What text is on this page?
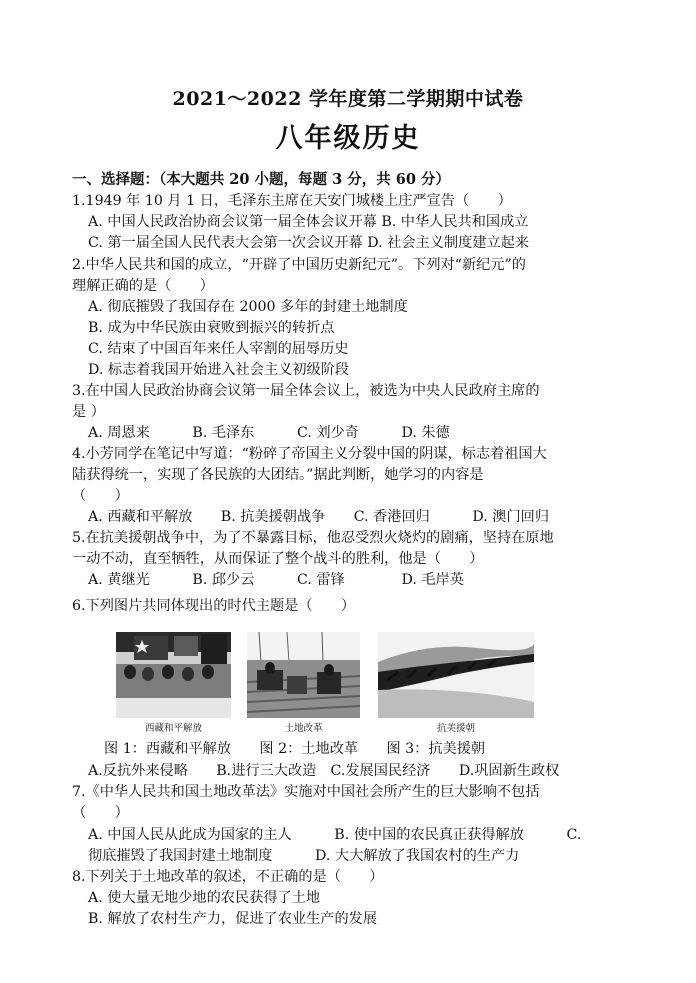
2021～2022 学年度第二学期期中试卷
八年级历史
一、选择题：（本大题共 20 小题，每题 3 分，共 60 分）
1.1949 年 10 月 1 日，毛泽东主席在天安门城楼上庄严宣告（　　）
A. 中国人民政治协商会议第一届全体会议开幕 B. 中华人民共和国成立
C. 第一届全国人民代表大会第一次会议开幕 D. 社会主义制度建立起来
2.中华人民共和国的成立，“开辟了中国历史新纪元”。下列对“新纪元”的
理解正确的是（　　）
A. 彻底摧毁了我国存在 2000 多年的封建土地制度
B. 成为中华民族由衰败到振兴的转折点
C. 结束了中国百年来任人宰割的屈辱历史
D. 标志着我国开始进入社会主义初级阶段
3.在中国人民政治协商会议第一届全体会议上，被选为中央人民政府主席的
是 ）
A. 周恩来　　　B. 毛泽东　　　C. 刘少奇　　　D. 朱德
4.小芳同学在笔记中写道：“粉碎了帝国主义分裂中国的阴谋，标志着祖国大
陆获得统一，实现了各民族的大团结。”据此判断，她学习的内容是
（　　）
A. 西藏和平解放　　B. 抗美援朝战争　　C. 香港回归　　　D. 澳门回归
5.在抗美援朝战争中，为了不暴露目标，他忍受烈火烧灼的剧痛，坚持在原地
一动不动，直至牺牲，从而保证了整个战斗的胜利，他是（　　）
A. 黄继光　　　B. 邱少云　　　C. 雷锋　　　　D. 毛岸英
6.下列图片共同体现出的时代主题是（　　）
西藏和平解放	土地改革	抗美援朝
图 1：西藏和平解放　　图 2：土地改革　　图 3：抗美援朝
A.反抗外来侵略　　B.进行三大改造　C.发展国民经济　　D.巩固新生政权
7.《中华人民共和国土地改革法》实施对中国社会所产生的巨大影响不包括
（　　）
A. 中国人民从此成为国家的主人　　　B. 使中国的农民真正获得解放　　　C.
彻底摧毁了我国封建土地制度　　　D. 大大解放了我国农村的生产力
8.下列关于土地改革的叙述，不正确的是（　　）
A. 使大量无地少地的农民获得了土地
B. 解放了农村生产力，促进了农业生产的发展
